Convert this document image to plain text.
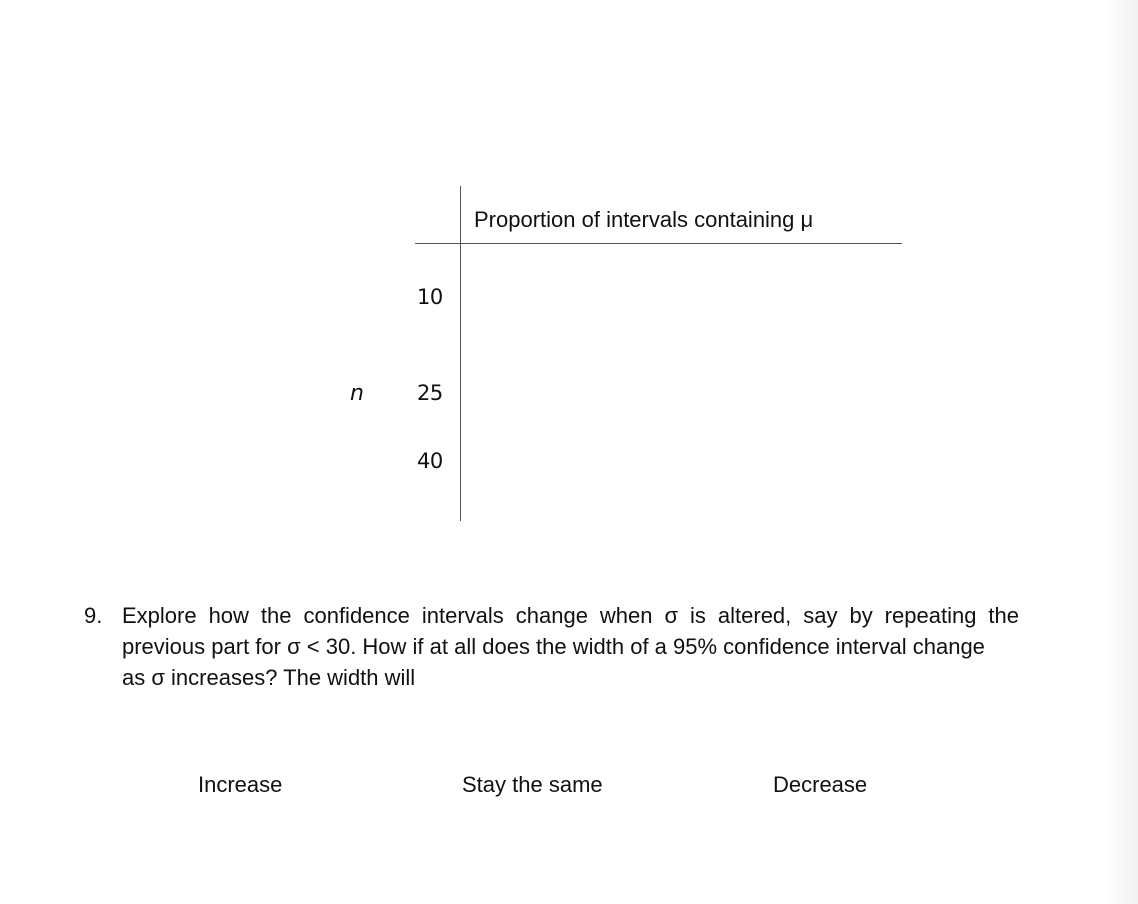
Proportion of intervals containing μ
n
10
25
40
9. Explore how the confidence intervals change when σ is altered, say by repeating the previous part for σ < 30. How if at all does the width of a 95% confidence interval change
as σ increases? The width will
Increase	Stay the same	Decrease
